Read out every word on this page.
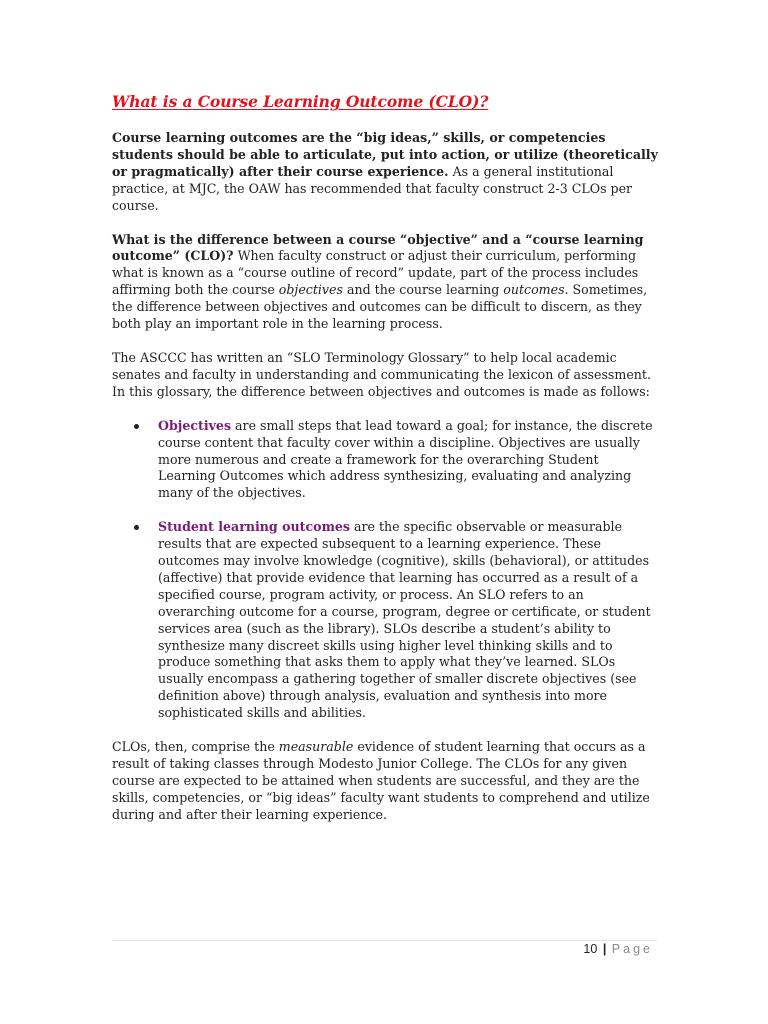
What is a Course Learning Outcome (CLO)?

Course learning outcomes are the “big ideas,” skills, or competencies students should be able to articulate, put into action, or utilize (theoretically or pragmatically) after their course experience. As a general institutional practice, at MJC, the OAW has recommended that faculty construct 2-3 CLOs per course.

What is the difference between a course “objective” and a “course learning outcome” (CLO)? When faculty construct or adjust their curriculum, performing what is known as a “course outline of record” update, part of the process includes affirming both the course objectives and the course learning outcomes. Sometimes, the difference between objectives and outcomes can be difficult to discern, as they both play an important role in the learning process.

The ASCCC has written an “SLO Terminology Glossary” to help local academic senates and faculty in understanding and communicating the lexicon of assessment. In this glossary, the difference between objectives and outcomes is made as follows:

Objectives are small steps that lead toward a goal; for instance, the discrete course content that faculty cover within a discipline. Objectives are usually more numerous and create a framework for the overarching Student Learning Outcomes which address synthesizing, evaluating and analyzing many of the objectives.
Student learning outcomes are the specific observable or measurable results that are expected subsequent to a learning experience. These outcomes may involve knowledge (cognitive), skills (behavioral), or attitudes (affective) that provide evidence that learning has occurred as a result of a specified course, program activity, or process. An SLO refers to an overarching outcome for a course, program, degree or certificate, or student services area (such as the library). SLOs describe a student’s ability to synthesize many discreet skills using higher level thinking skills and to produce something that asks them to apply what they’ve learned. SLOs usually encompass a gathering together of smaller discrete objectives (see definition above) through analysis, evaluation and synthesis into more sophisticated skills and abilities.

CLOs, then, comprise the measurable evidence of student learning that occurs as a result of taking classes through Modesto Junior College. The CLOs for any given course are expected to be attained when students are successful, and they are the skills, competencies, or “big ideas” faculty want students to comprehend and utilize during and after their learning experience.

10 | Page
